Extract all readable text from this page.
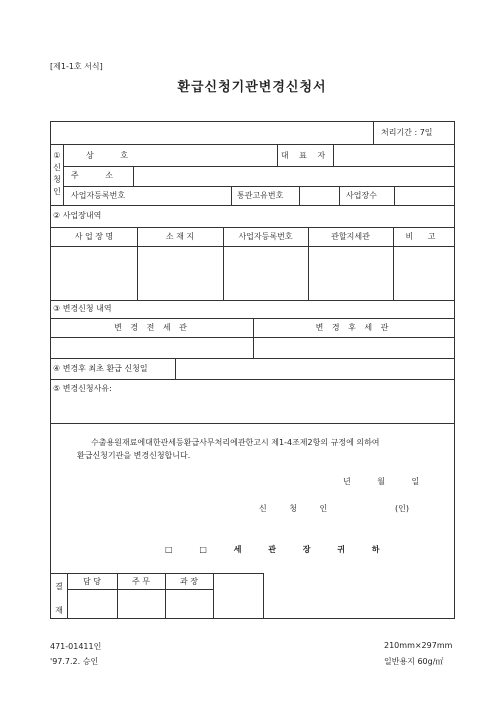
[제1-1호 서식]
환급신청기관변경신청서
처리기간 : 7일
①
신
청
인
상 호	대 표 자
주 소
사업자등록번호	통관고유번호	사업장수
② 사업장내역
사 업 장 명	소 재 지	사업자등록번호	관할지세관	비 고
③ 변경신청 내역
변 경 전 세 관	변 경 후 세 관
④ 변경후 최초 환급 신청일
⑤ 변경신청사유:
수출용원재료에대한관세등환급사무처리에관한고시 제1-4조제2항의 규정에 의하여
환급신청기관을 변경신청합니다.
년 월 일
신 청 인	(인)
□ □ 세 관 장 귀 하
결
재
담 당	주 무	과 장
471-01411인
'97.7.2. 승인
210mm×297mm
일반용지 60g/㎡
